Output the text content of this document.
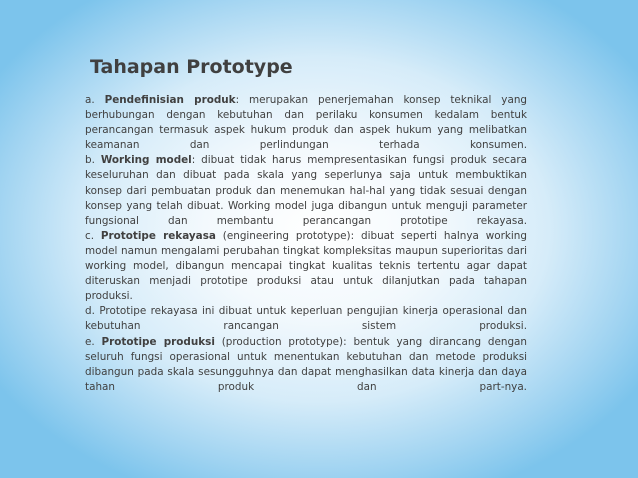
Tahapan Prototype

a. Pendefinisian produk: merupakan penerjemahan konsep teknikal yang berhubungan dengan kebutuhan dan perilaku konsumen kedalam bentuk perancangan termasuk aspek hukum produk dan aspek hukum yang melibatkan keamanan dan perlindungan terhada konsumen.

b. Working model: dibuat tidak harus mempresentasikan fungsi produk secara keseluruhan dan dibuat pada skala yang seperlunya saja untuk membuktikan konsep dari pembuatan produk dan menemukan hal-hal yang tidak sesuai dengan konsep yang telah dibuat. Working model juga dibangun untuk menguji parameter fungsional dan membantu perancangan prototipe rekayasa.

c. Prototipe rekayasa (engineering prototype): dibuat seperti halnya working model namun mengalami perubahan tingkat kompleksitas maupun superioritas dari working model, dibangun mencapai tingkat kualitas teknis tertentu agar dapat diteruskan menjadi prototipe produksi atau untuk dilanjutkan pada tahapan produksi.

d. Prototipe rekayasa ini dibuat untuk keperluan pengujian kinerja operasional dan kebutuhan rancangan sistem produksi.

e. Prototipe produksi (production prototype): bentuk yang dirancang dengan seluruh fungsi operasional untuk menentukan kebutuhan dan metode produksi dibangun pada skala sesungguhnya dan dapat menghasilkan data kinerja dan daya tahan produk dan part-nya.
